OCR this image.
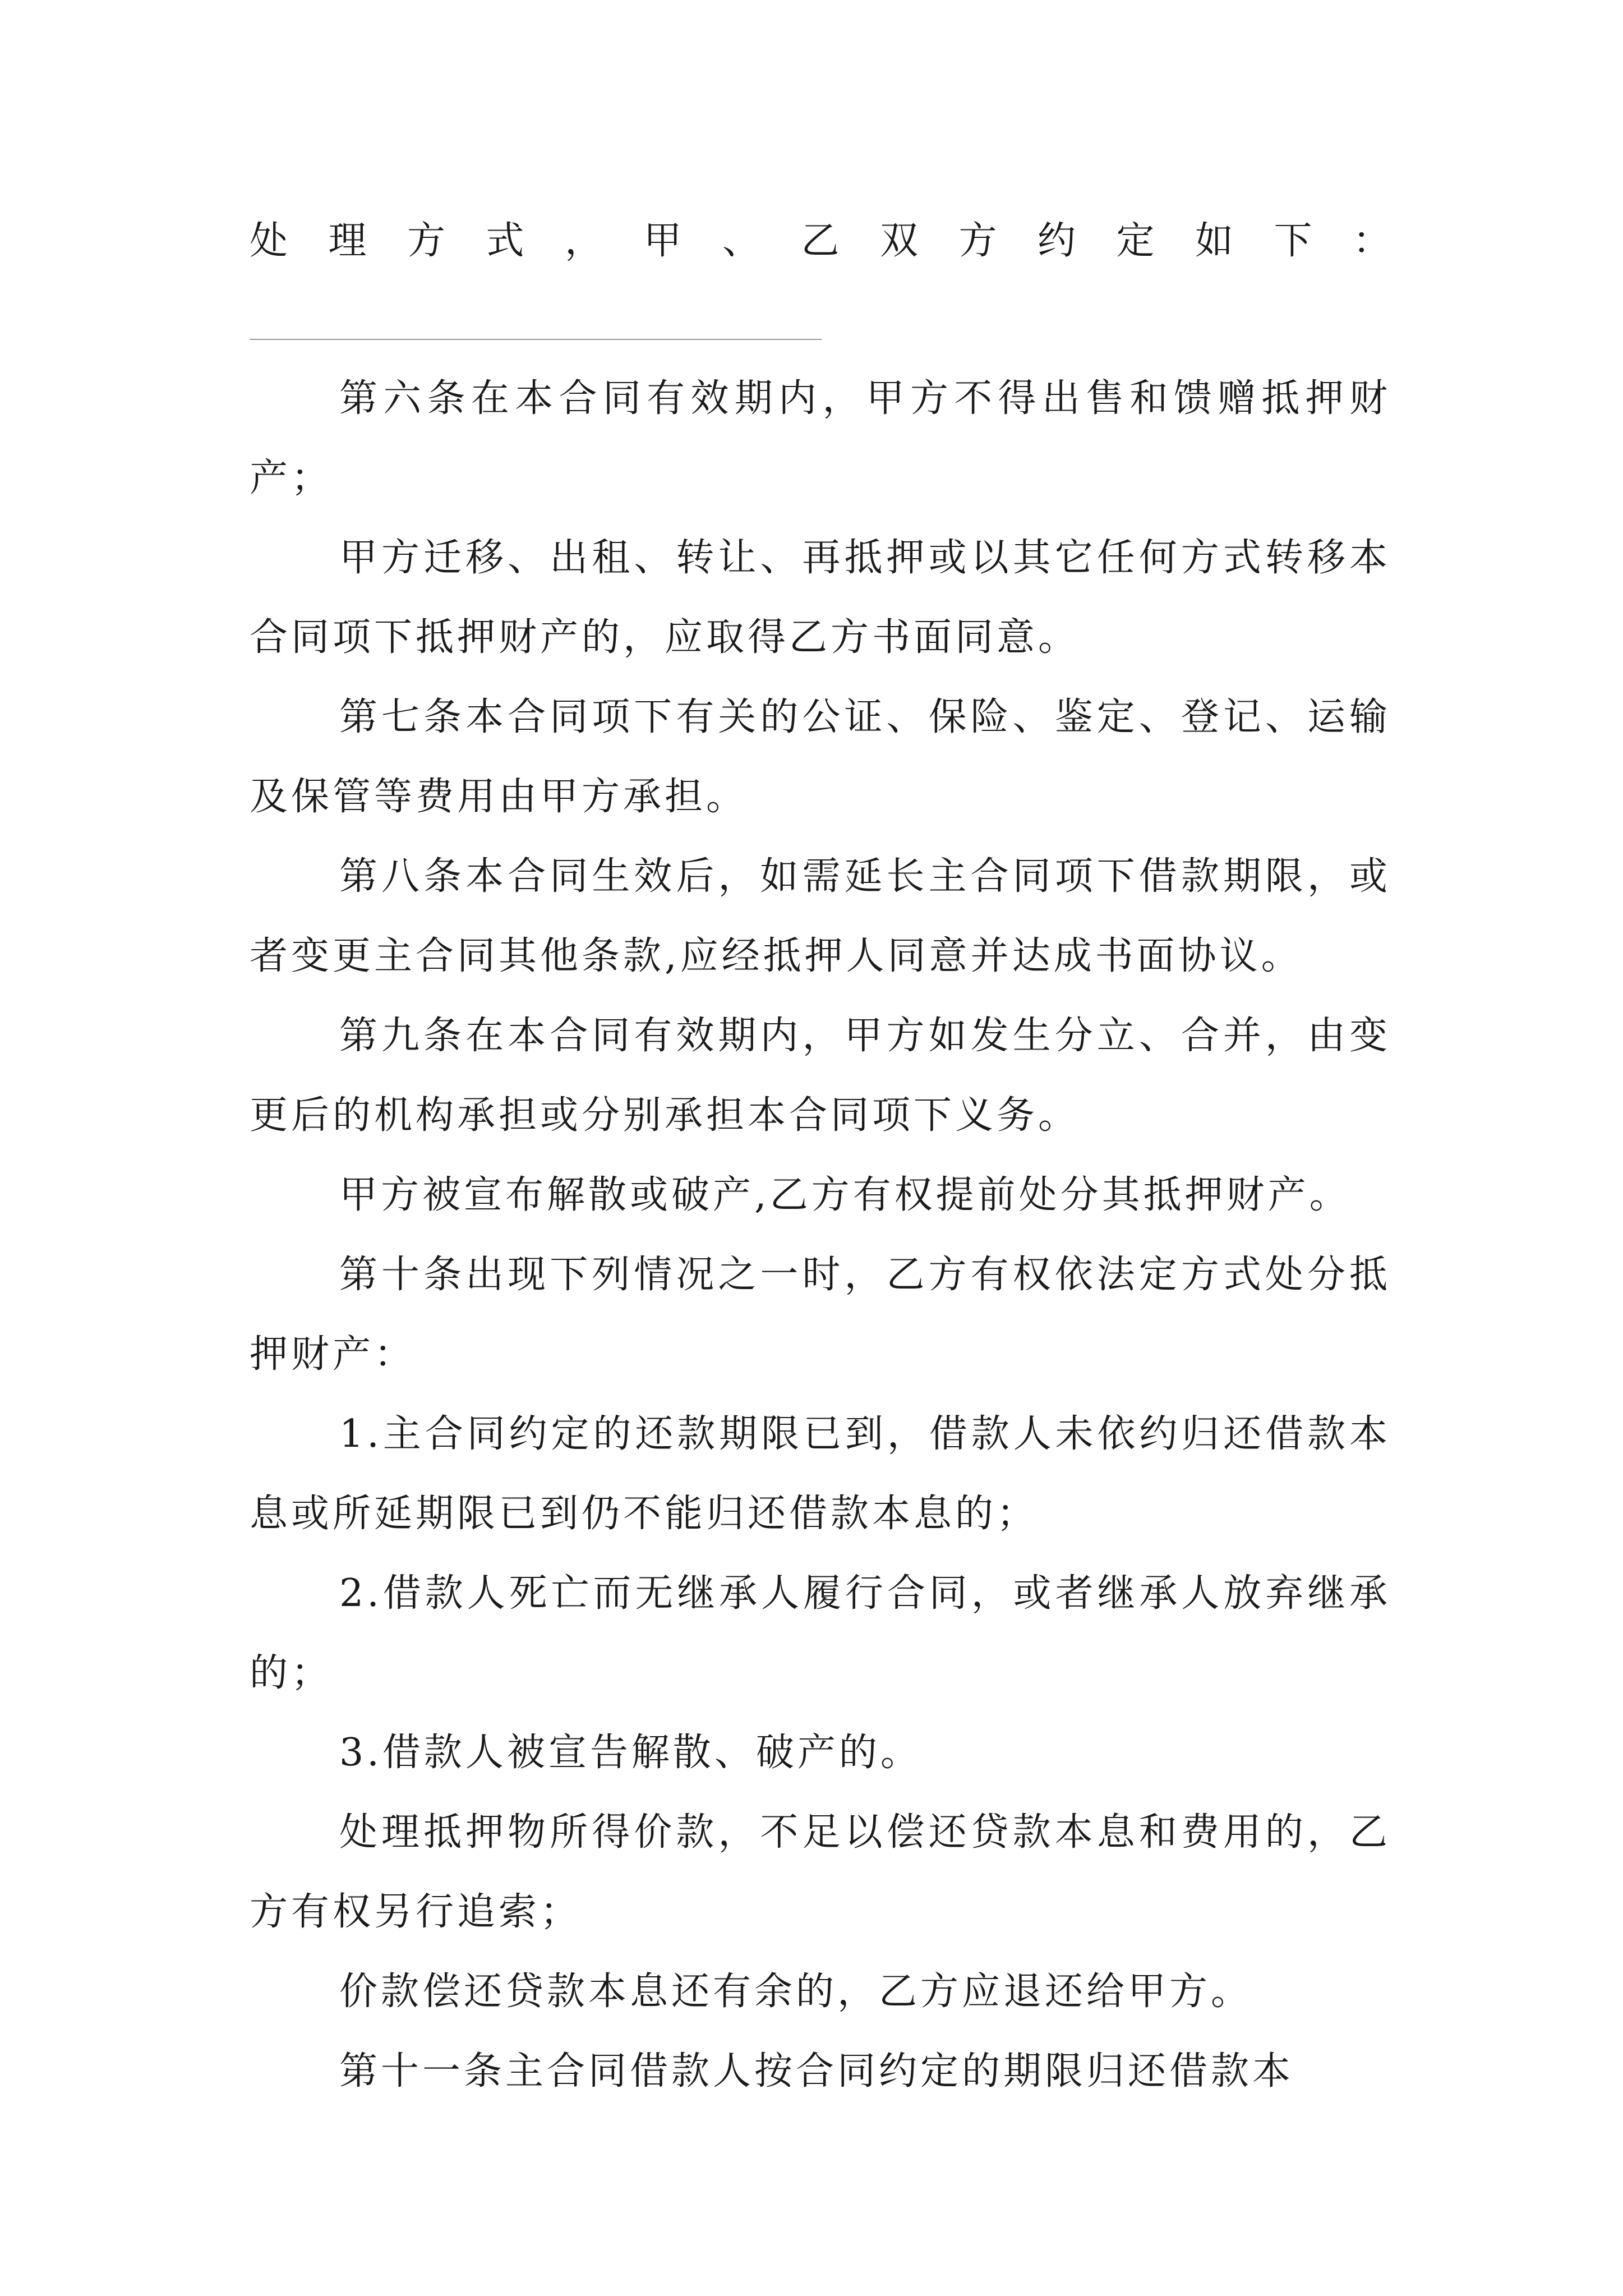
处 理 方 式 ， 甲 、 乙 双 方 约 定 如 下 ：

第六条在本合同有效期内，甲方不得出售和馈赠抵押财产；

甲方迁移、出租、转让、再抵押或以其它任何方式转移本合同项下抵押财产的，应取得乙方书面同意。

第七条本合同项下有关的公证、保险、鉴定、登记、运输及保管等费用由甲方承担。

第八条本合同生效后，如需延长主合同项下借款期限，或者变更主合同其他条款,应经抵押人同意并达成书面协议。

第九条在本合同有效期内，甲方如发生分立、合并，由变更后的机构承担或分别承担本合同项下义务。

甲方被宣布解散或破产,乙方有权提前处分其抵押财产。

第十条出现下列情况之一时，乙方有权依法定方式处分抵押财产：

1.主合同约定的还款期限已到，借款人未依约归还借款本息或所延期限已到仍不能归还借款本息的；

2.借款人死亡而无继承人履行合同，或者继承人放弃继承的；

3.借款人被宣告解散、破产的。

处理抵押物所得价款，不足以偿还贷款本息和费用的，乙方有权另行追索；

价款偿还贷款本息还有余的，乙方应退还给甲方。

第十一条主合同借款人按合同约定的期限归还借款本
